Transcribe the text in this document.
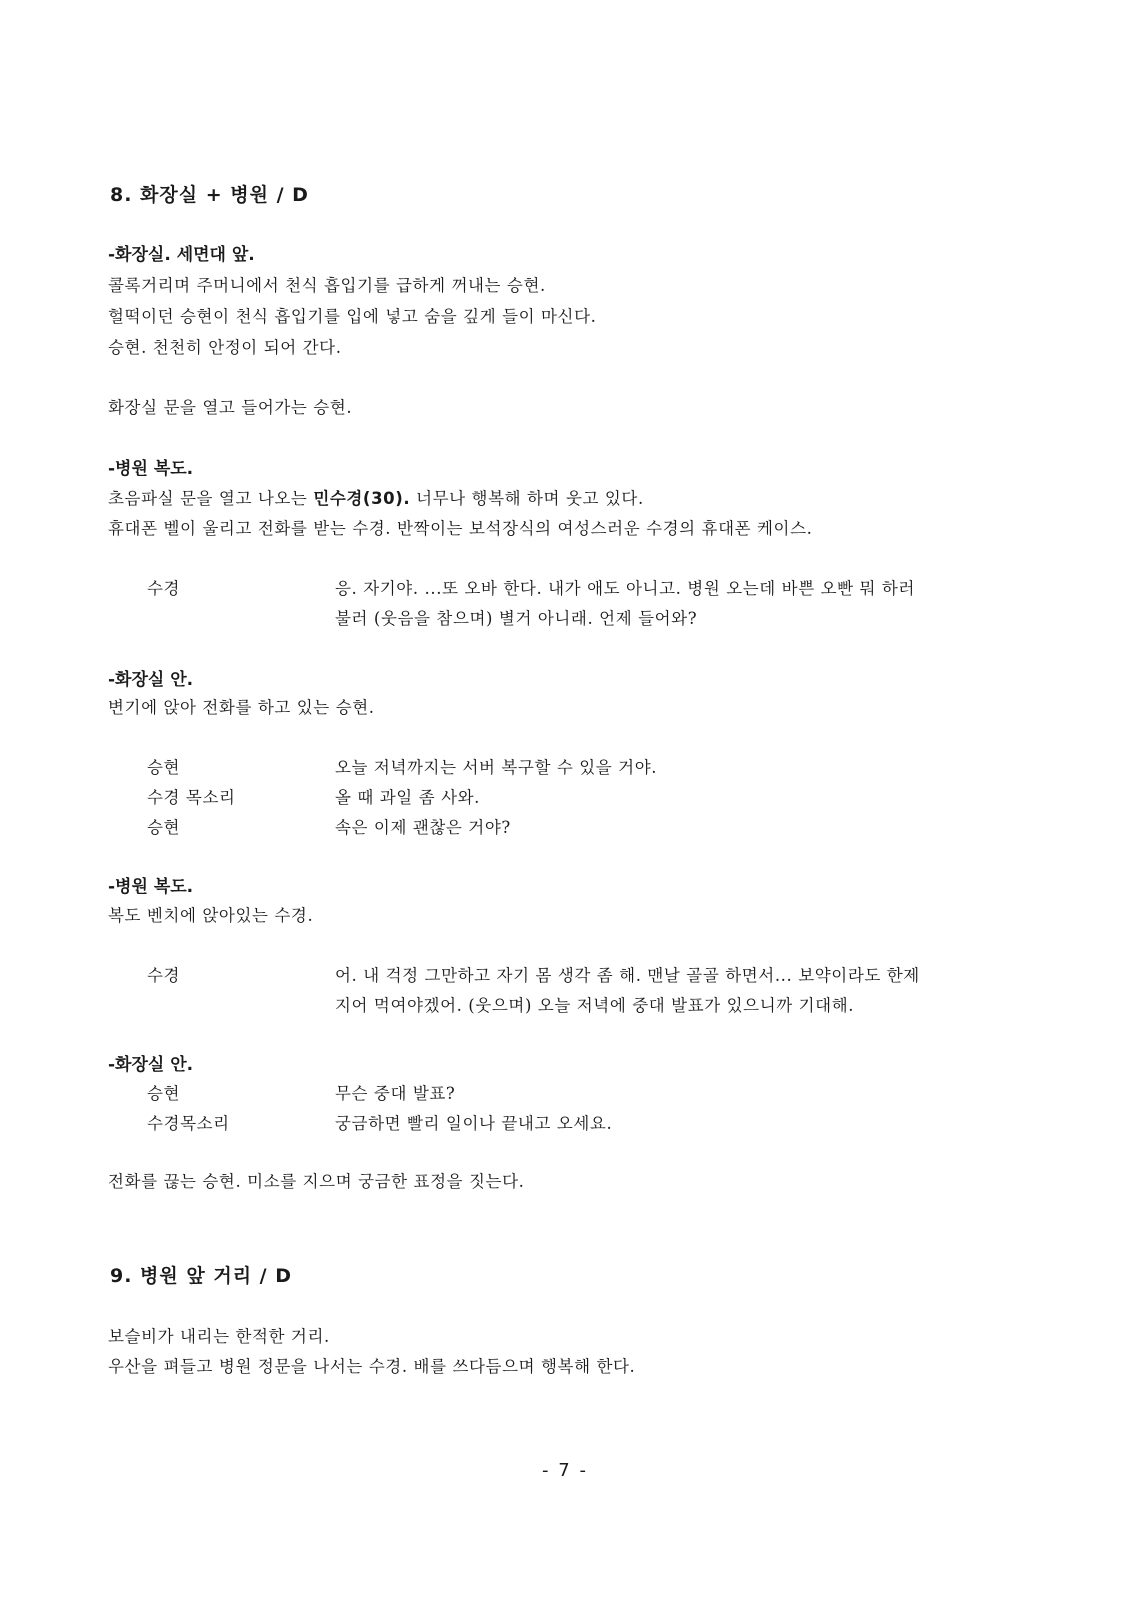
8. 화장실 + 병원 / D
-화장실. 세면대 앞.
콜록거리며 주머니에서 천식 흡입기를 급하게 꺼내는 승현.
헐떡이던 승현이 천식 흡입기를 입에 넣고 숨을 깊게 들이 마신다.
승현. 천천히 안정이 되어 간다.
화장실 문을 열고 들어가는 승현.
-병원 복도.
초음파실 문을 열고 나오는 민수경(30). 너무나 행복해 하며 웃고 있다.
휴대폰 벨이 울리고 전화를 받는 수경. 반짝이는 보석장식의 여성스러운 수경의 휴대폰 케이스.
수경	응. 자기야. ...또 오바 한다. 내가 애도 아니고. 병원 오는데 바쁜 오빤 뭐 하러
불러 (웃음을 참으며) 별거 아니래. 언제 들어와?
-화장실 안.
변기에 앉아 전화를 하고 있는 승현.
승현	오늘 저녁까지는 서버 복구할 수 있을 거야.
수경 목소리	올 때 과일 좀 사와.
승현	속은 이제 괜찮은 거야?
-병원 복도.
복도 벤치에 앉아있는 수경.
수경	어. 내 걱정 그만하고 자기 몸 생각 좀 해. 맨날 골골 하면서... 보약이라도 한제
지어 먹여야겠어. (웃으며) 오늘 저녁에 중대 발표가 있으니까 기대해.
-화장실 안.
승현	무슨 중대 발표?
수경목소리	궁금하면 빨리 일이나 끝내고 오세요.
전화를 끊는 승현. 미소를 지으며 궁금한 표정을 짓는다.
9. 병원 앞 거리 / D
보슬비가 내리는 한적한 거리.
우산을 펴들고 병원 정문을 나서는 수경. 배를 쓰다듬으며 행복해 한다.
- 7 -
